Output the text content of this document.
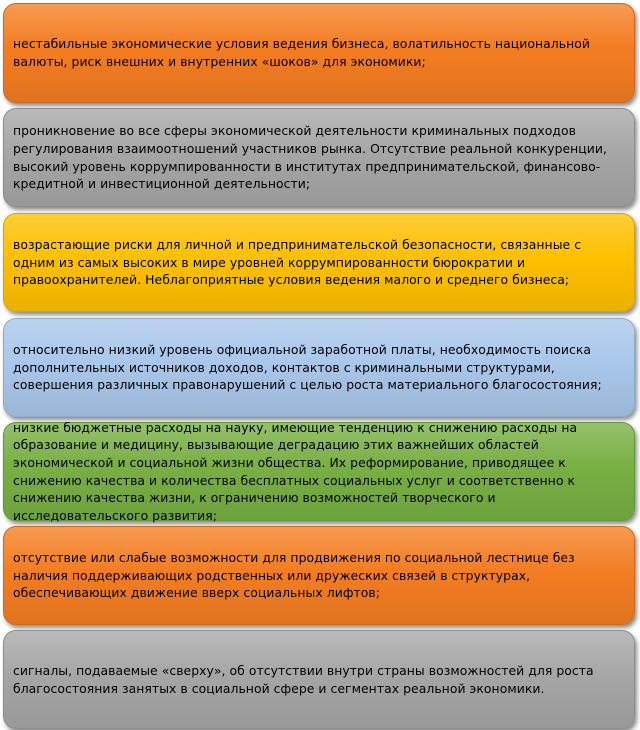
нестабильные экономические условия ведения бизнеса, волатильность национальной валюты, риск внешних и внутренних «шоков» для экономики;
проникновение во все сферы экономической деятельности криминальных подходов регулирования взаимоотношений участников рынка. Отсутствие реальной конкуренции, высокий уровень коррумпированности в институтах предпринимательской, финансово-кредитной и инвестиционной деятельности;
возрастающие риски для личной и предпринимательской безопасности, связанные с одним из самых высоких в мире уровней коррумпированности бюрократии и правоохранителей. Неблагоприятные условия ведения малого и среднего бизнеса;
относительно низкий уровень официальной заработной платы, необходимость поиска дополнительных источников доходов, контактов с криминальными структурами, совершения различных правонарушений с целью роста материального благосостояния;
низкие бюджетные расходы на науку, имеющие тенденцию к снижению расходы на образование и медицину, вызывающие деградацию этих важнейших областей экономической и социальной жизни общества. Их реформирование, приводящее к снижению качества и количества бесплатных социальных услуг и соответственно к снижению качества жизни, к ограничению возможностей творческого и исследовательского развития;
отсутствие или слабые возможности для продвижения по социальной лестнице без наличия поддерживающих родственных или дружеских связей в структурах, обеспечивающих движение вверх социальных лифтов;
сигналы, подаваемые «сверху», об отсутствии внутри страны возможностей для роста благосостояния занятых в социальной сфере и сегментах реальной экономики.
